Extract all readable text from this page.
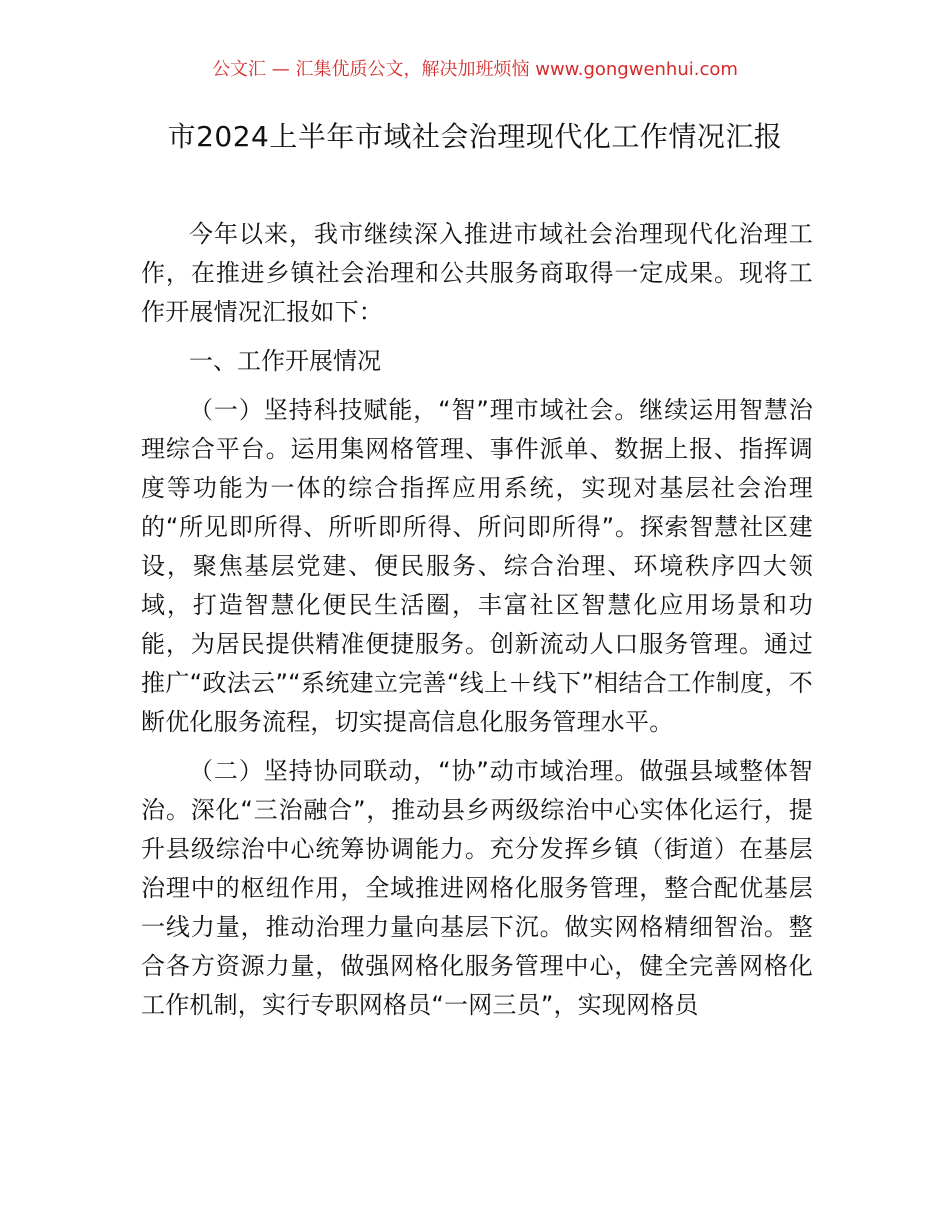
公文汇 — 汇集优质公文，解决加班烦恼 www.gongwenhui.com
市2024上半年市域社会治理现代化工作情况汇报

今年以来，我市继续深入推进市域社会治理现代化治理工作，在推进乡镇社会治理和公共服务商取得一定成果。现将工作开展情况汇报如下：

一、工作开展情况

（一）坚持科技赋能，“智”理市域社会。继续运用智慧治理综合平台。运用集网格管理、事件派单、数据上报、指挥调度等功能为一体的综合指挥应用系统，实现对基层社会治理的“所见即所得、所听即所得、所问即所得”。探索智慧社区建设，聚焦基层党建、便民服务、综合治理、环境秩序四大领域，打造智慧化便民生活圈，丰富社区智慧化应用场景和功能，为居民提供精准便捷服务。创新流动人口服务管理。通过推广“政法云”“系统建立完善“线上＋线下”相结合工作制度，不断优化服务流程，切实提高信息化服务管理水平。

（二）坚持协同联动，“协”动市域治理。做强县域整体智治。深化“三治融合”，推动县乡两级综治中心实体化运行，提升县级综治中心统筹协调能力。充分发挥乡镇（街道）在基层治理中的枢纽作用，全域推进网格化服务管理，整合配优基层一线力量，推动治理力量向基层下沉。做实网格精细智治。整合各方资源力量，做强网格化服务管理中心，健全完善网格化工作机制，实行专职网格员“一网三员”，实现网格员
